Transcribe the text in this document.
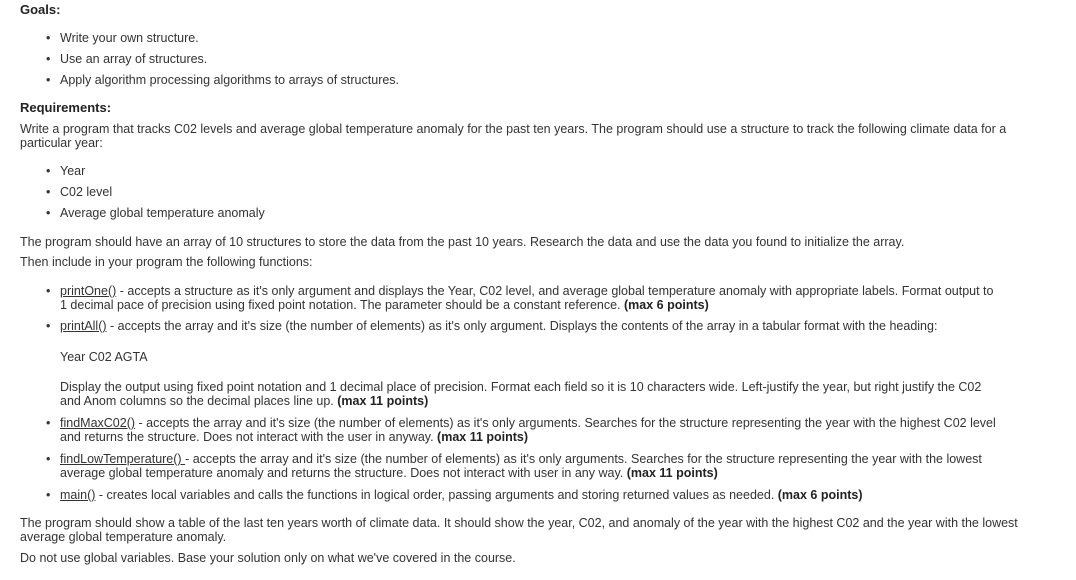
Goals:
• Write your own structure.
• Use an array of structures.
• Apply algorithm processing algorithms to arrays of structures.
Requirements:

Write a program that tracks C02 levels and average global temperature anomaly for the past ten years. The program should use a structure to track the following climate data for a particular year:

• Year
• C02 level
• Average global temperature anomaly

The program should have an array of 10 structures to store the data from the past 10 years. Research the data and use the data you found to initialize the array.

Then include in your program the following functions:

• printOne() - accepts a structure as it's only argument and displays the Year, C02 level, and average global temperature anomaly with appropriate labels. Format output to 1 decimal pace of precision using fixed point notation. The parameter should be a constant reference. (max 6 points)
• printAll() - accepts the array and it's size (the number of elements) as it's only argument. Displays the contents of the array in a tabular format with the heading:
Year C02 AGTA
Display the output using fixed point notation and 1 decimal place of precision. Format each field so it is 10 characters wide. Left-justify the year, but right justify the C02 and Anom columns so the decimal places line up. (max 11 points)
• findMaxC02() - accepts the array and it's size (the number of elements) as it's only arguments. Searches for the structure representing the year with the highest C02 level and returns the structure. Does not interact with the user in anyway. (max 11 points)
• findLowTemperature() - accepts the array and it's size (the number of elements) as it's only arguments. Searches for the structure representing the year with the lowest average global temperature anomaly and returns the structure. Does not interact with user in any way. (max 11 points)
• main() - creates local variables and calls the functions in logical order, passing arguments and storing returned values as needed. (max 6 points)

The program should show a table of the last ten years worth of climate data. It should show the year, C02, and anomaly of the year with the highest C02 and the year with the lowest average global temperature anomaly.

Do not use global variables. Base your solution only on what we've covered in the course.
